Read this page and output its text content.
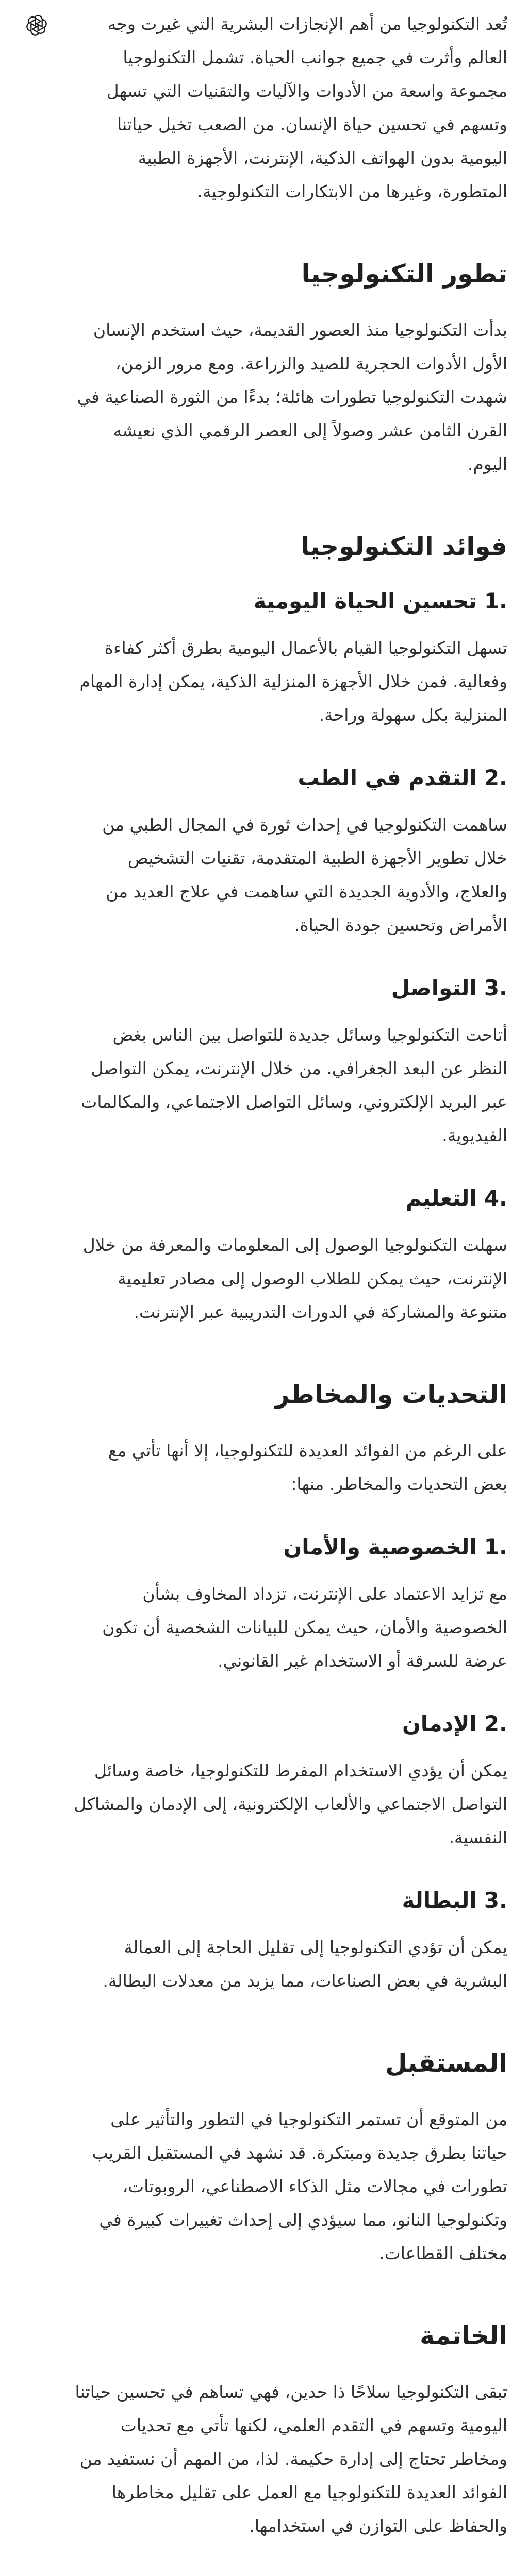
تُعد التكنولوجيا من أهم الإنجازات البشرية التي غيرت وجه العالم وأثرت في جميع جوانب الحياة. تشمل التكنولوجيا مجموعة واسعة من الأدوات والآليات والتقنيات التي تسهل وتسهم في تحسين حياة الإنسان. من الصعب تخيل حياتنا اليومية بدون الهواتف الذكية، الإنترنت، الأجهزة الطبية المتطورة، وغيرها من الابتكارات التكنولوجية.

تطور التكنولوجيا

بدأت التكنولوجيا منذ العصور القديمة، حيث استخدم الإنسان الأول الأدوات الحجرية للصيد والزراعة. ومع مرور الزمن، شهدت التكنولوجيا تطورات هائلة؛ بدءًا من الثورة الصناعية في القرن الثامن عشر وصولاً إلى العصر الرقمي الذي نعيشه اليوم.

فوائد التكنولوجيا
1.
تحسين الحياة اليومية

تسهل التكنولوجيا القيام بالأعمال اليومية بطرق أكثر كفاءة وفعالية. فمن خلال الأجهزة المنزلية الذكية، يمكن إدارة المهام المنزلية بكل سهولة وراحة.

2.
التقدم في الطب

ساهمت التكنولوجيا في إحداث ثورة في المجال الطبي من خلال تطوير الأجهزة الطبية المتقدمة، تقنيات التشخيص والعلاج، والأدوية الجديدة التي ساهمت في علاج العديد من الأمراض وتحسين جودة الحياة.

3.
التواصل

أتاحت التكنولوجيا وسائل جديدة للتواصل بين الناس بغض النظر عن البعد الجغرافي. من خلال الإنترنت، يمكن التواصل عبر البريد الإلكتروني، وسائل التواصل الاجتماعي، والمكالمات الفيديوية.

4.
التعليم

سهلت التكنولوجيا الوصول إلى المعلومات والمعرفة من خلال الإنترنت، حيث يمكن للطلاب الوصول إلى مصادر تعليمية متنوعة والمشاركة في الدورات التدريبية عبر الإنترنت.

التحديات والمخاطر

على الرغم من الفوائد العديدة للتكنولوجيا، إلا أنها تأتي مع بعض التحديات والمخاطر. منها:

1.
الخصوصية والأمان

مع تزايد الاعتماد على الإنترنت، تزداد المخاوف بشأن الخصوصية والأمان، حيث يمكن للبيانات الشخصية أن تكون عرضة للسرقة أو الاستخدام غير القانوني.

2.
الإدمان

يمكن أن يؤدي الاستخدام المفرط للتكنولوجيا، خاصة وسائل التواصل الاجتماعي والألعاب الإلكترونية، إلى الإدمان والمشاكل النفسية.

3.
البطالة

يمكن أن تؤدي التكنولوجيا إلى تقليل الحاجة إلى العمالة البشرية في بعض الصناعات، مما يزيد من معدلات البطالة.

المستقبل

من المتوقع أن تستمر التكنولوجيا في التطور والتأثير على حياتنا بطرق جديدة ومبتكرة. قد نشهد في المستقبل القريب تطورات في مجالات مثل الذكاء الاصطناعي، الروبوتات، وتكنولوجيا النانو، مما سيؤدي إلى إحداث تغييرات كبيرة في مختلف القطاعات.

الخاتمة

تبقى التكنولوجيا سلاحًا ذا حدين، فهي تساهم في تحسين حياتنا اليومية وتسهم في التقدم العلمي، لكنها تأتي مع تحديات ومخاطر تحتاج إلى إدارة حكيمة. لذا، من المهم أن نستفيد من الفوائد العديدة للتكنولوجيا مع العمل على تقليل مخاطرها والحفاظ على التوازن في استخدامها.
